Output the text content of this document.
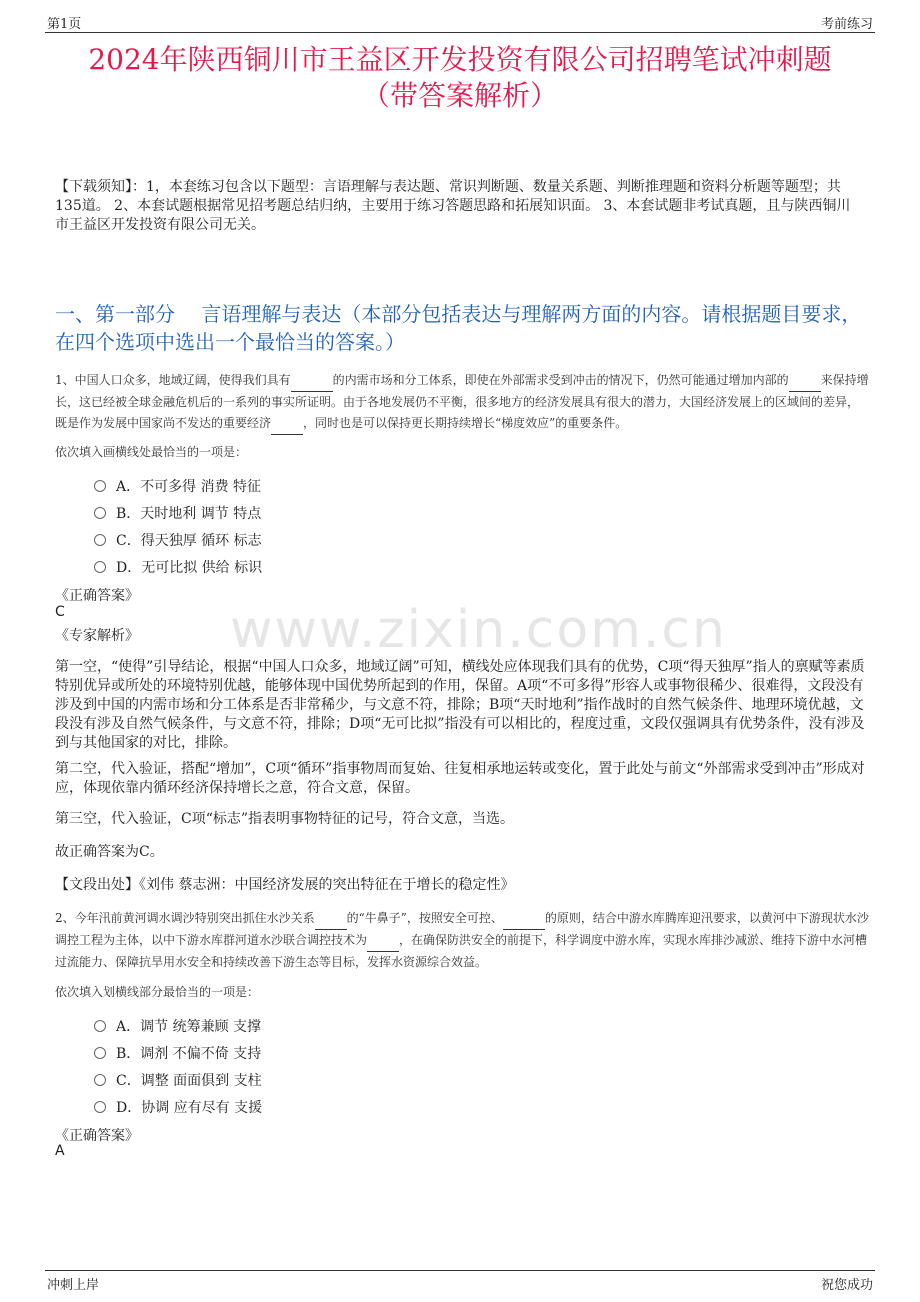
第1页	考前练习
2024年陕西铜川市王益区开发投资有限公司招聘笔试冲刺题
（带答案解析）
【下载须知】：1，本套练习包含以下题型：言语理解与表达题、常识判断题、数量关系题、判断推理题和资料分析题等题型；共135道。 2、本套试题根据常见招考题总结归纳，主要用于练习答题思路和拓展知识面。 3、本套试题非考试真题，且与陕西铜川市王益区开发投资有限公司无关。
一、第一部分　 言语理解与表达（本部分包括表达与理解两方面的内容。请根据题目要求，在四个选项中选出一个最恰当的答案。）
www.zixin.com.cn
1、中国人口众多，地域辽阔，使得我们具有	的内需市场和分工体系，即使在外部需求受到冲击的情况下，仍然可能通过增加内部的	来保持增长，这已经被全球金融危机后的一系列的事实所证明。由于各地发展仍不平衡，很多地方的经济发展具有很大的潜力，大国经济发展上的区域间的差异，既是作为发展中国家尚不发达的重要经济	，同时也是可以保持更长期持续增长“梯度效应”的重要条件。
依次填入画横线处最恰当的一项是：
A． 不可多得 消费 特征
B． 天时地利 调节 特点
C． 得天独厚 循环 标志
D． 无可比拟 供给 标识
《正确答案》
C
《专家解析》
第一空，“使得”引导结论，根据“中国人口众多，地域辽阔”可知，横线处应体现我们具有的优势，C项“得天独厚”指人的禀赋等素质特别优异或所处的环境特别优越，能够体现中国优势所起到的作用，保留。A项“不可多得”形容人或事物很稀少、很难得，文段没有涉及到中国的内需市场和分工体系是否非常稀少，与文意不符，排除；B项“天时地利”指作战时的自然气候条件、地理环境优越，文段没有涉及自然气候条件，与文意不符，排除；D项“无可比拟”指没有可以相比的，程度过重，文段仅强调具有优势条件，没有涉及到与其他国家的对比，排除。
第二空，代入验证，搭配“增加”，C项“循环”指事物周而复始、往复相承地运转或变化，置于此处与前文“外部需求受到冲击”形成对应，体现依靠内循环经济保持增长之意，符合文意，保留。
第三空，代入验证，C项“标志”指表明事物特征的记号，符合文意，当选。
故正确答案为C。
【文段出处】《刘伟 蔡志洲：中国经济发展的突出特征在于增长的稳定性》
2、今年汛前黄河调水调沙特别突出抓住水沙关系	的“牛鼻子”，按照安全可控、	的原则，结合中游水库腾库迎汛要求，以黄河中下游现状水沙调控工程为主体，以中下游水库群河道水沙联合调控技术为	，在确保防洪安全的前提下，科学调度中游水库，实现水库排沙减淤、维持下游中水河槽过流能力、保障抗旱用水安全和持续改善下游生态等目标，发挥水资源综合效益。
依次填入划横线部分最恰当的一项是：
A． 调节 统筹兼顾 支撑
B． 调剂 不偏不倚 支持
C． 调整 面面俱到 支柱
D． 协调 应有尽有 支援
《正确答案》
A
冲刺上岸	祝您成功
